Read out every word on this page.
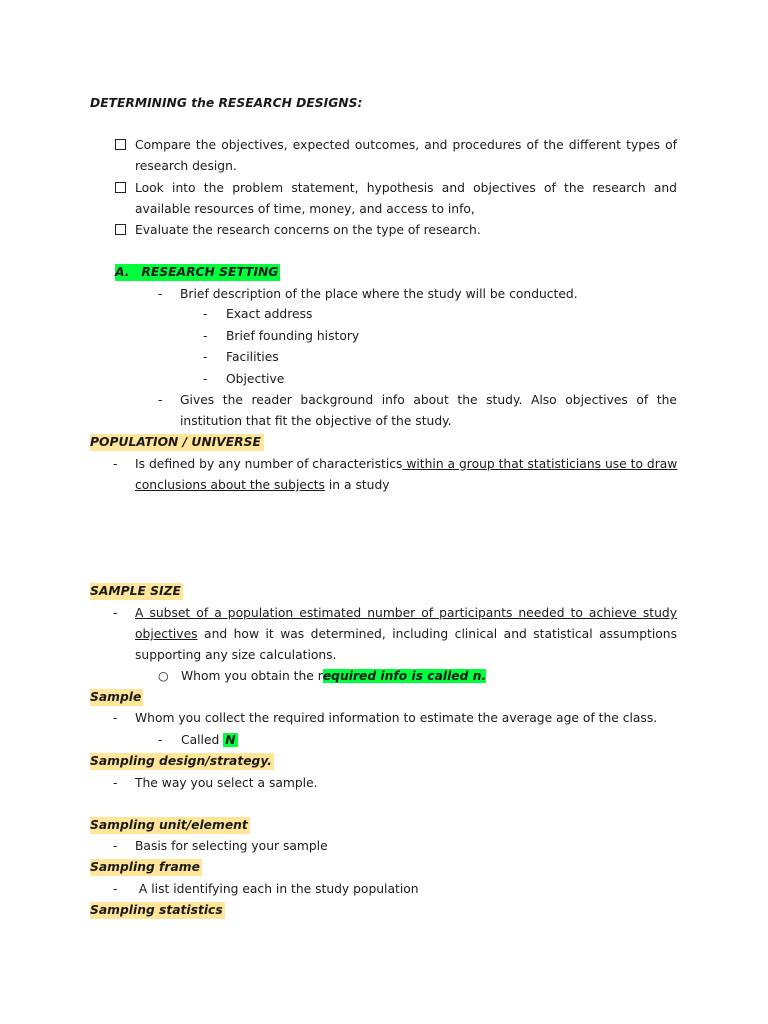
DETERMINING the RESEARCH DESIGNS:
Compare the objectives, expected outcomes, and procedures of the different types of
research design.
Look into the problem statement, hypothesis and objectives of the research and
available resources of time, money, and access to info,
Evaluate the research concerns on the type of research.
A. RESEARCH SETTING
- Brief description of the place where the study will be conducted.
- Exact address
- Brief founding history
- Facilities
- Objective
- Gives the reader background info about the study. Also objectives of the
institution that fit the objective of the study.
POPULATION / UNIVERSE
- Is defined by any number of characteristics within a group that statisticians use to draw
conclusions about the subjects in a study
SAMPLE SIZE
- A subset of a population estimated number of participants needed to achieve study
objectives and how it was determined, including clinical and statistical assumptions
supporting any size calculations.
○ Whom you obtain the required info is called n.
Sample
- Whom you collect the required information to estimate the average age of the class.
- Called N
Sampling design/strategy.
- The way you select a sample.
Sampling unit/element
- Basis for selecting your sample
Sampling frame
- A list identifying each in the study population
Sampling statistics
